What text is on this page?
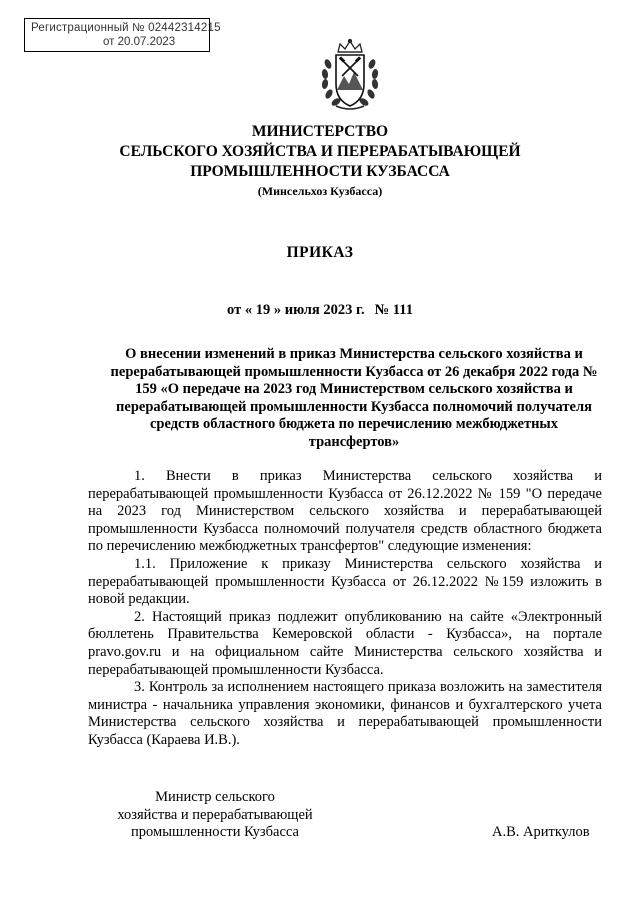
Регистрационный № 02442314215
от 20.07.2023
МИНИСТЕРСТВО
СЕЛЬСКОГО ХОЗЯЙСТВА И ПЕРЕРАБАТЫВАЮЩЕЙ
ПРОМЫШЛЕННОСТИ КУЗБАССА
(Минсельхоз Кузбасса)
ПРИКАЗ
от « 19 » июля 2023 г. № 111
О внесении изменений в приказ Министерства сельского хозяйства и перерабатывающей промышленности Кузбасса от 26 декабря 2022 года № 159 «О передаче на 2023 год Министерством сельского хозяйства и перерабатывающей промышленности Кузбасса полномочий получателя средств областного бюджета по перечислению межбюджетных трансфертов»

1. Внести в приказ Министерства сельского хозяйства и перерабатывающей промышленности Кузбасса от 26.12.2022 № 159 "О передаче на 2023 год Министерством сельского хозяйства и перерабатывающей промышленности Кузбасса полномочий получателя средств областного бюджета по перечислению межбюджетных трансфертов" следующие изменения:

1.1. Приложение к приказу Министерства сельского хозяйства и перерабатывающей промышленности Кузбасса от 26.12.2022 №159 изложить в новой редакции.

2. Настоящий приказ подлежит опубликованию на сайте «Электронный бюллетень Правительства Кемеровской области - Кузбасса», на портале pravo.gov.ru и на официальном сайте Министерства сельского хозяйства и перерабатывающей промышленности Кузбасса.

3. Контроль за исполнением настоящего приказа возложить на заместителя министра - начальника управления экономики, финансов и бухгалтерского учета Министерства сельского хозяйства и перерабатывающей промышленности Кузбасса (Караева И.В.).

Министр сельского
хозяйства и перерабатывающей
промышленности Кузбасса	А.В. Ариткулов
